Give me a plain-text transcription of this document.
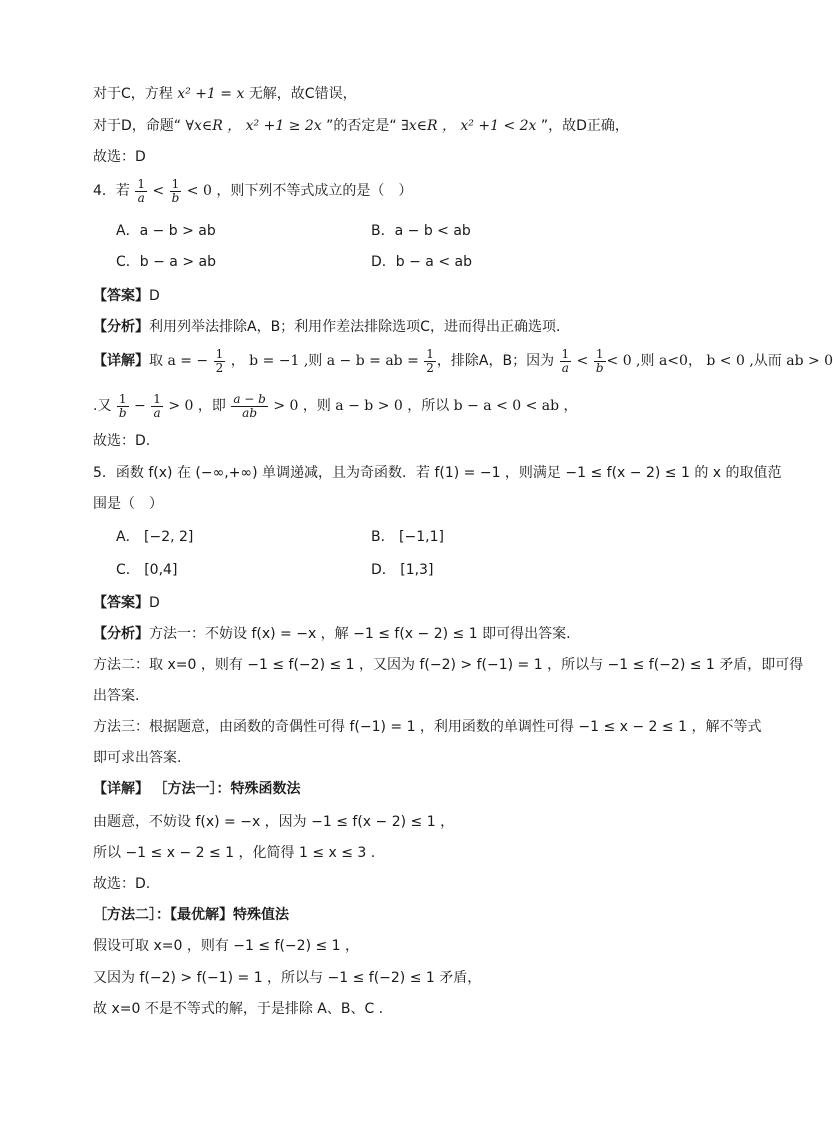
对于C，方程 x² +1 = x 无解，故C错误，
对于D，命题“ ∀x∈R ， x² +1 ≥ 2x ”的否定是“ ∃x∈R ， x² +1 < 2x ”，故D正确，
故选：D
4．若 $\frac{1}{a} < \frac{1}{b} < 0$ ，则下列不等式成立的是（　）
A．a − b > ab	B．a − b < ab
C．b − a > ab	D．b − a < ab
【答案】D
【分析】利用列举法排除A，B；利用作差法排除选项C，进而得出正确选项．
【详解】取 a = − $\frac{1}{2}$ ， b = −1 ,则 a − b = ab = $\frac{1}{2}$ ，排除A，B；因为 $\frac{1}{a} < \frac{1}{b} < 0$ ,则 a<0， b < 0 ,从而 ab > 0
.又 $\frac{1}{b} - \frac{1}{a} > 0$ ，即 $\frac{a - b}{ab} > 0$ ，则 a − b > 0 ，所以 b − a < 0 < ab ，
故选：D.
5．函数 f(x) 在 (−∞,+∞) 单调递减，且为奇函数．若 f(1) = −1 ，则满足 −1 ≤ f(x − 2) ≤ 1 的 x 的取值范
围是（　）
A． [−2, 2]	B． [−1,1]
C． [0,4]	D． [1,3]
【答案】D
【分析】方法一：不妨设 f(x) = −x ，解 −1 ≤ f(x − 2) ≤ 1 即可得出答案.
方法二：取 x=0 ，则有 −1 ≤ f(−2) ≤ 1 ，又因为 f(−2) > f(−1) = 1 ，所以与 −1 ≤ f(−2) ≤ 1 矛盾，即可得
出答案.
方法三：根据题意，由函数的奇偶性可得 f(−1) = 1 ，利用函数的单调性可得 −1 ≤ x − 2 ≤ 1 ，解不等式
即可求出答案.
【详解】 ［方法一］：特殊函数法
由题意，不妨设 f(x) = −x ，因为 −1 ≤ f(x − 2) ≤ 1 ，
所以 −1 ≤ x − 2 ≤ 1 ，化简得 1 ≤ x ≤ 3 .
故选：D.
［方法二］：【最优解】特殊值法
假设可取 x=0 ，则有 −1 ≤ f(−2) ≤ 1 ，
又因为 f(−2) > f(−1) = 1 ，所以与 −1 ≤ f(−2) ≤ 1 矛盾，
故 x=0 不是不等式的解，于是排除 A、B、C .
